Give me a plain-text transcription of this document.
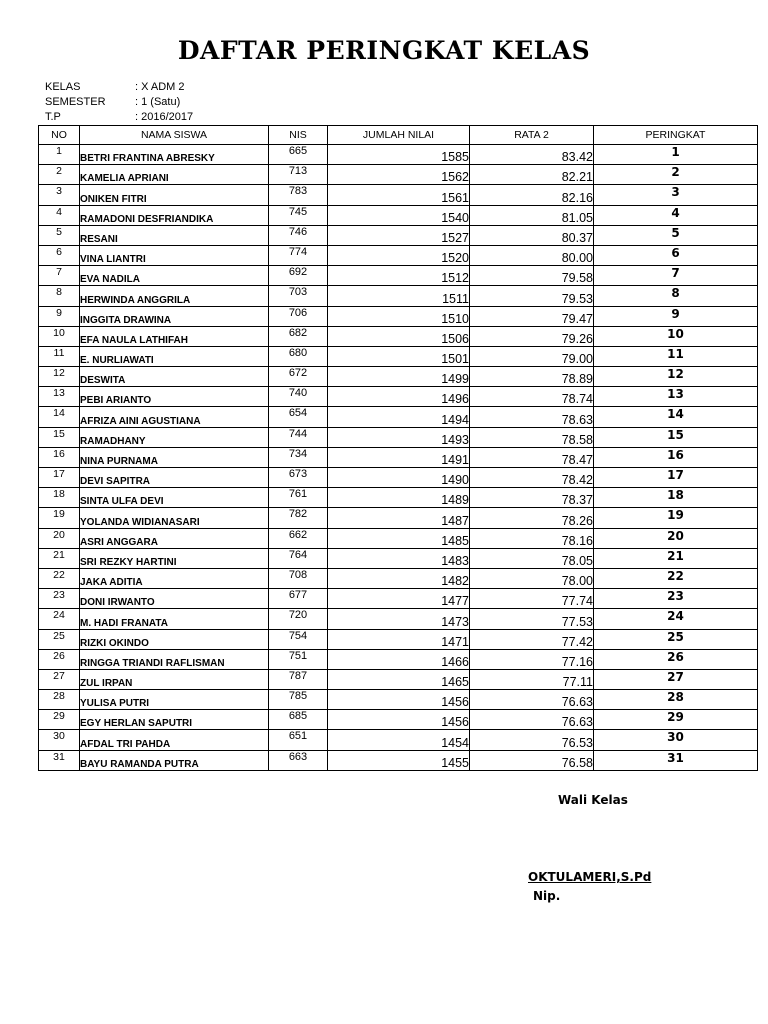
DAFTAR PERINGKAT KELAS
KELAS	: X ADM 2
SEMESTER	: 1 (Satu)
T.P	: 2016/2017
NO	NAMA SISWA	NIS	JUMLAH NILAI	RATA 2	PERINGKAT
1	BETRI FRANTINA ABRESKY	665	1585	83.42	1
2	KAMELIA APRIANI	713	1562	82.21	2
3	ONIKEN FITRI	783	1561	82.16	3
4	RAMADONI DESFRIANDIKA	745	1540	81.05	4
5	RESANI	746	1527	80.37	5
6	VINA LIANTRI	774	1520	80.00	6
7	EVA NADILA	692	1512	79.58	7
8	HERWINDA ANGGRILA	703	1511	79.53	8
9	INGGITA DRAWINA	706	1510	79.47	9
10	EFA NAULA LATHIFAH	682	1506	79.26	10
11	E. NURLIAWATI	680	1501	79.00	11
12	DESWITA	672	1499	78.89	12
13	PEBI ARIANTO	740	1496	78.74	13
14	AFRIZA AINI AGUSTIANA	654	1494	78.63	14
15	RAMADHANY	744	1493	78.58	15
16	NINA PURNAMA	734	1491	78.47	16
17	DEVI SAPITRA	673	1490	78.42	17
18	SINTA ULFA DEVI	761	1489	78.37	18
19	YOLANDA WIDIANASARI	782	1487	78.26	19
20	ASRI ANGGARA	662	1485	78.16	20
21	SRI REZKY HARTINI	764	1483	78.05	21
22	JAKA ADITIA	708	1482	78.00	22
23	DONI IRWANTO	677	1477	77.74	23
24	M. HADI FRANATA	720	1473	77.53	24
25	RIZKI OKINDO	754	1471	77.42	25
26	RINGGA TRIANDI RAFLISMAN	751	1466	77.16	26
27	ZUL IRPAN	787	1465	77.11	27
28	YULISA PUTRI	785	1456	76.63	28
29	EGY HERLAN SAPUTRI	685	1456	76.63	29
30	AFDAL TRI PAHDA	651	1454	76.53	30
31	BAYU RAMANDA PUTRA	663	1455	76.58	31
Wali Kelas
OKTULAMERI,S.Pd
Nip.
